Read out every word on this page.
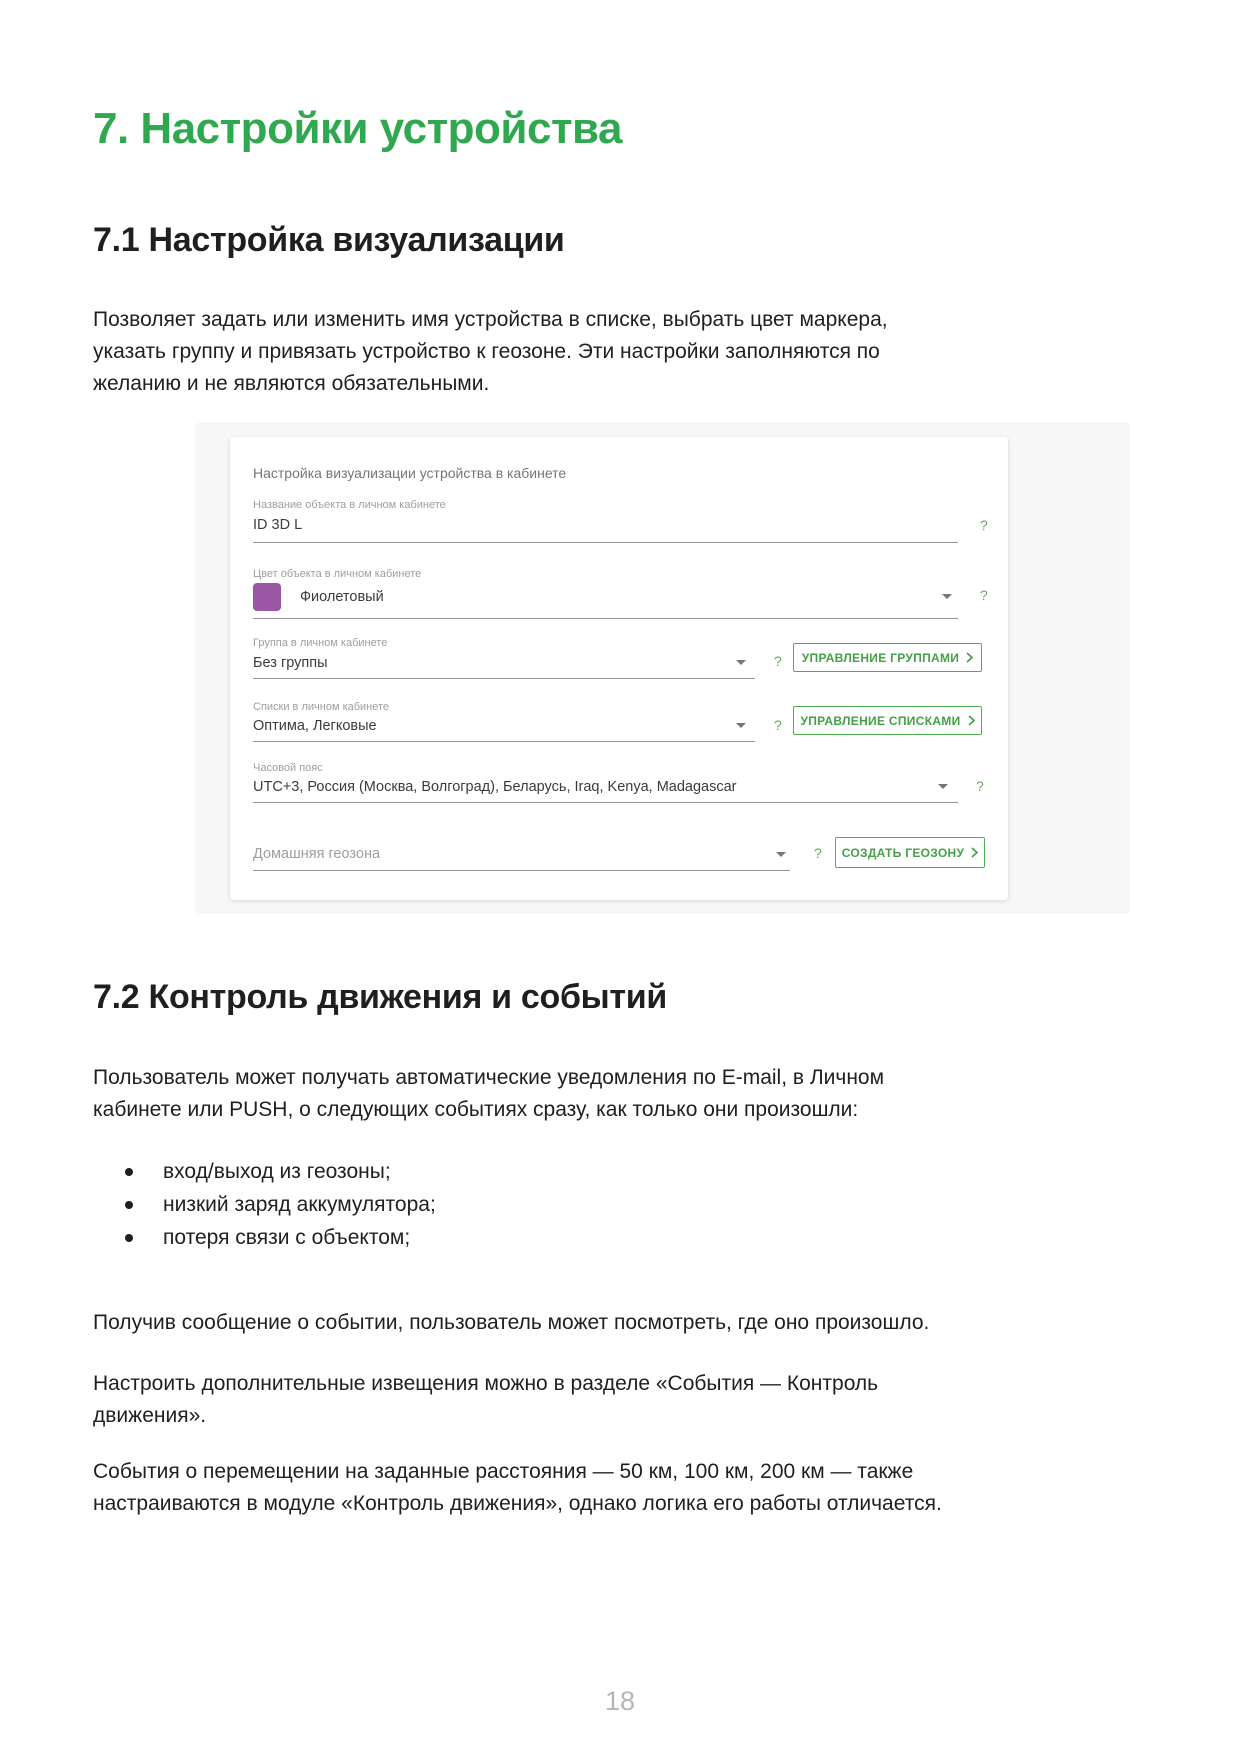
7. Настройки устройства
7.1 Настройка визуализации
Позволяет задать или изменить имя устройства в списке, выбрать цвет маркера,
указать группу и привязать устройство к геозоне. Эти настройки заполняются по
желанию и не являются обязательными.
Настройка визуализации устройства в кабинете
Название объекта в личном кабинете
ID 3D L	?
Цвет объекта в личном кабинете
Фиолетовый	?
Группа в личном кабинете
Без группы	? УПРАВЛЕНИЕ ГРУППАМИ
Списки в личном кабинете
Оптима, Легковые	? УПРАВЛЕНИЕ СПИСКАМИ
Часовой пояс
UTC+3, Россия (Москва, Волгоград), Беларусь, Iraq, Kenya, Madagascar	?
Домашняя геозона	? СОЗДАТЬ ГЕОЗОНУ
7.2 Контроль движения и событий
Пользователь может получать автоматические уведомления по E-mail, в Личном
кабинете или PUSH, о следующих событиях сразу, как только они произошли:
вход/выход из геозоны;
низкий заряд аккумулятора;
потеря связи с объектом;
Получив сообщение о событии, пользователь может посмотреть, где оно произошло.
Настроить дополнительные извещения можно в разделе «События — Контроль
движения».
События о перемещении на заданные расстояния — 50 км, 100 км, 200 км — также
настраиваются в модуле «Контроль движения», однако логика его работы отличается.
18
